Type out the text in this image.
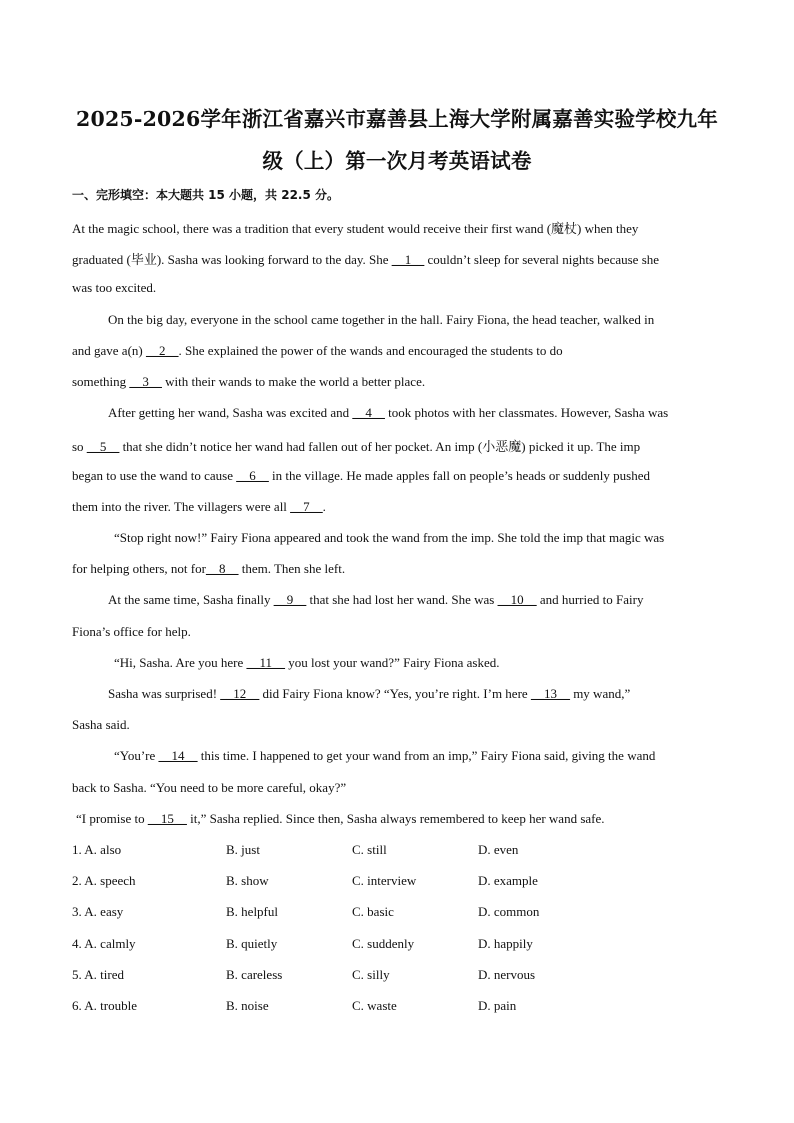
2025-2026学年浙江省嘉兴市嘉善县上海大学附属嘉善实验学校九年
级（上）第一次月考英语试卷
一、完形填空：本大题共 15 小题，共 22.5 分。
At the magic school, there was a tradition that every student would receive their first wand (魔杖) when they
graduated (毕业). Sasha was looking forward to the day. She __1__ couldn’t sleep for several nights because she
was too excited.
On the big day, everyone in the school came together in the hall. Fairy Fiona, the head teacher, walked in
and gave a(n) __2__. She explained the power of the wands and encouraged the students to do
something __3__ with their wands to make the world a better place.
After getting her wand, Sasha was excited and __4__ took photos with her classmates. However, Sasha was
so __5__ that she didn’t notice her wand had fallen out of her pocket. An imp (小恶魔) picked it up. The imp
began to use the wand to cause __6__ in the village. He made apples fall on people’s heads or suddenly pushed
them into the river. The villagers were all __7__.
“Stop right now!” Fairy Fiona appeared and took the wand from the imp. She told the imp that magic was
for helping others, not for__8__ them. Then she left.
At the same time, Sasha finally __9__ that she had lost her wand. She was __10__ and hurried to Fairy
Fiona’s office for help.
“Hi, Sasha. Are you here __11__ you lost your wand?” Fairy Fiona asked.
Sasha was surprised! __12__ did Fairy Fiona know? “Yes, you’re right. I’m here __13__ my wand,”
Sasha said.
“You’re __14__ this time. I happened to get your wand from an imp,” Fairy Fiona said, giving the wand
back to Sasha. “You need to be more careful, okay?”
“I promise to __15__ it,” Sasha replied. Since then, Sasha always remembered to keep her wand safe.
1. A. also	B. just	C. still	D. even
2. A. speech	B. show	C. interview	D. example
3. A. easy	B. helpful	C. basic	D. common
4. A. calmly	B. quietly	C. suddenly	D. happily
5. A. tired	B. careless	C. silly	D. nervous
6. A. trouble	B. noise	C. waste	D. pain
